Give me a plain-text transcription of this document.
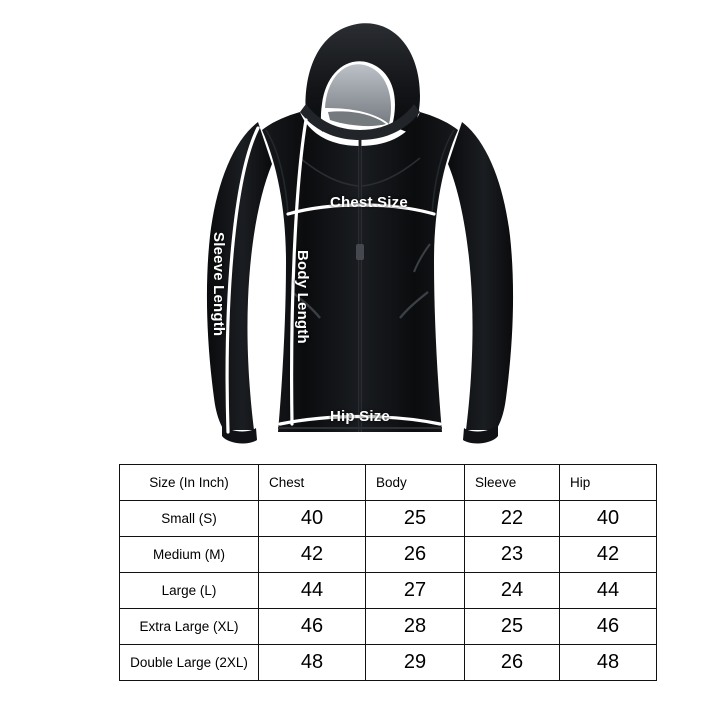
Chest Size
Hip Size
Sleeve Length	Body Length
Size (In Inch)	Chest	Body	Sleeve	Hip
Small (S)	40	25	22	40
Medium (M)	42	26	23	42
Large (L)	44	27	24	44
Extra Large (XL)	46	28	25	46
Double Large (2XL)	48	29	26	48
